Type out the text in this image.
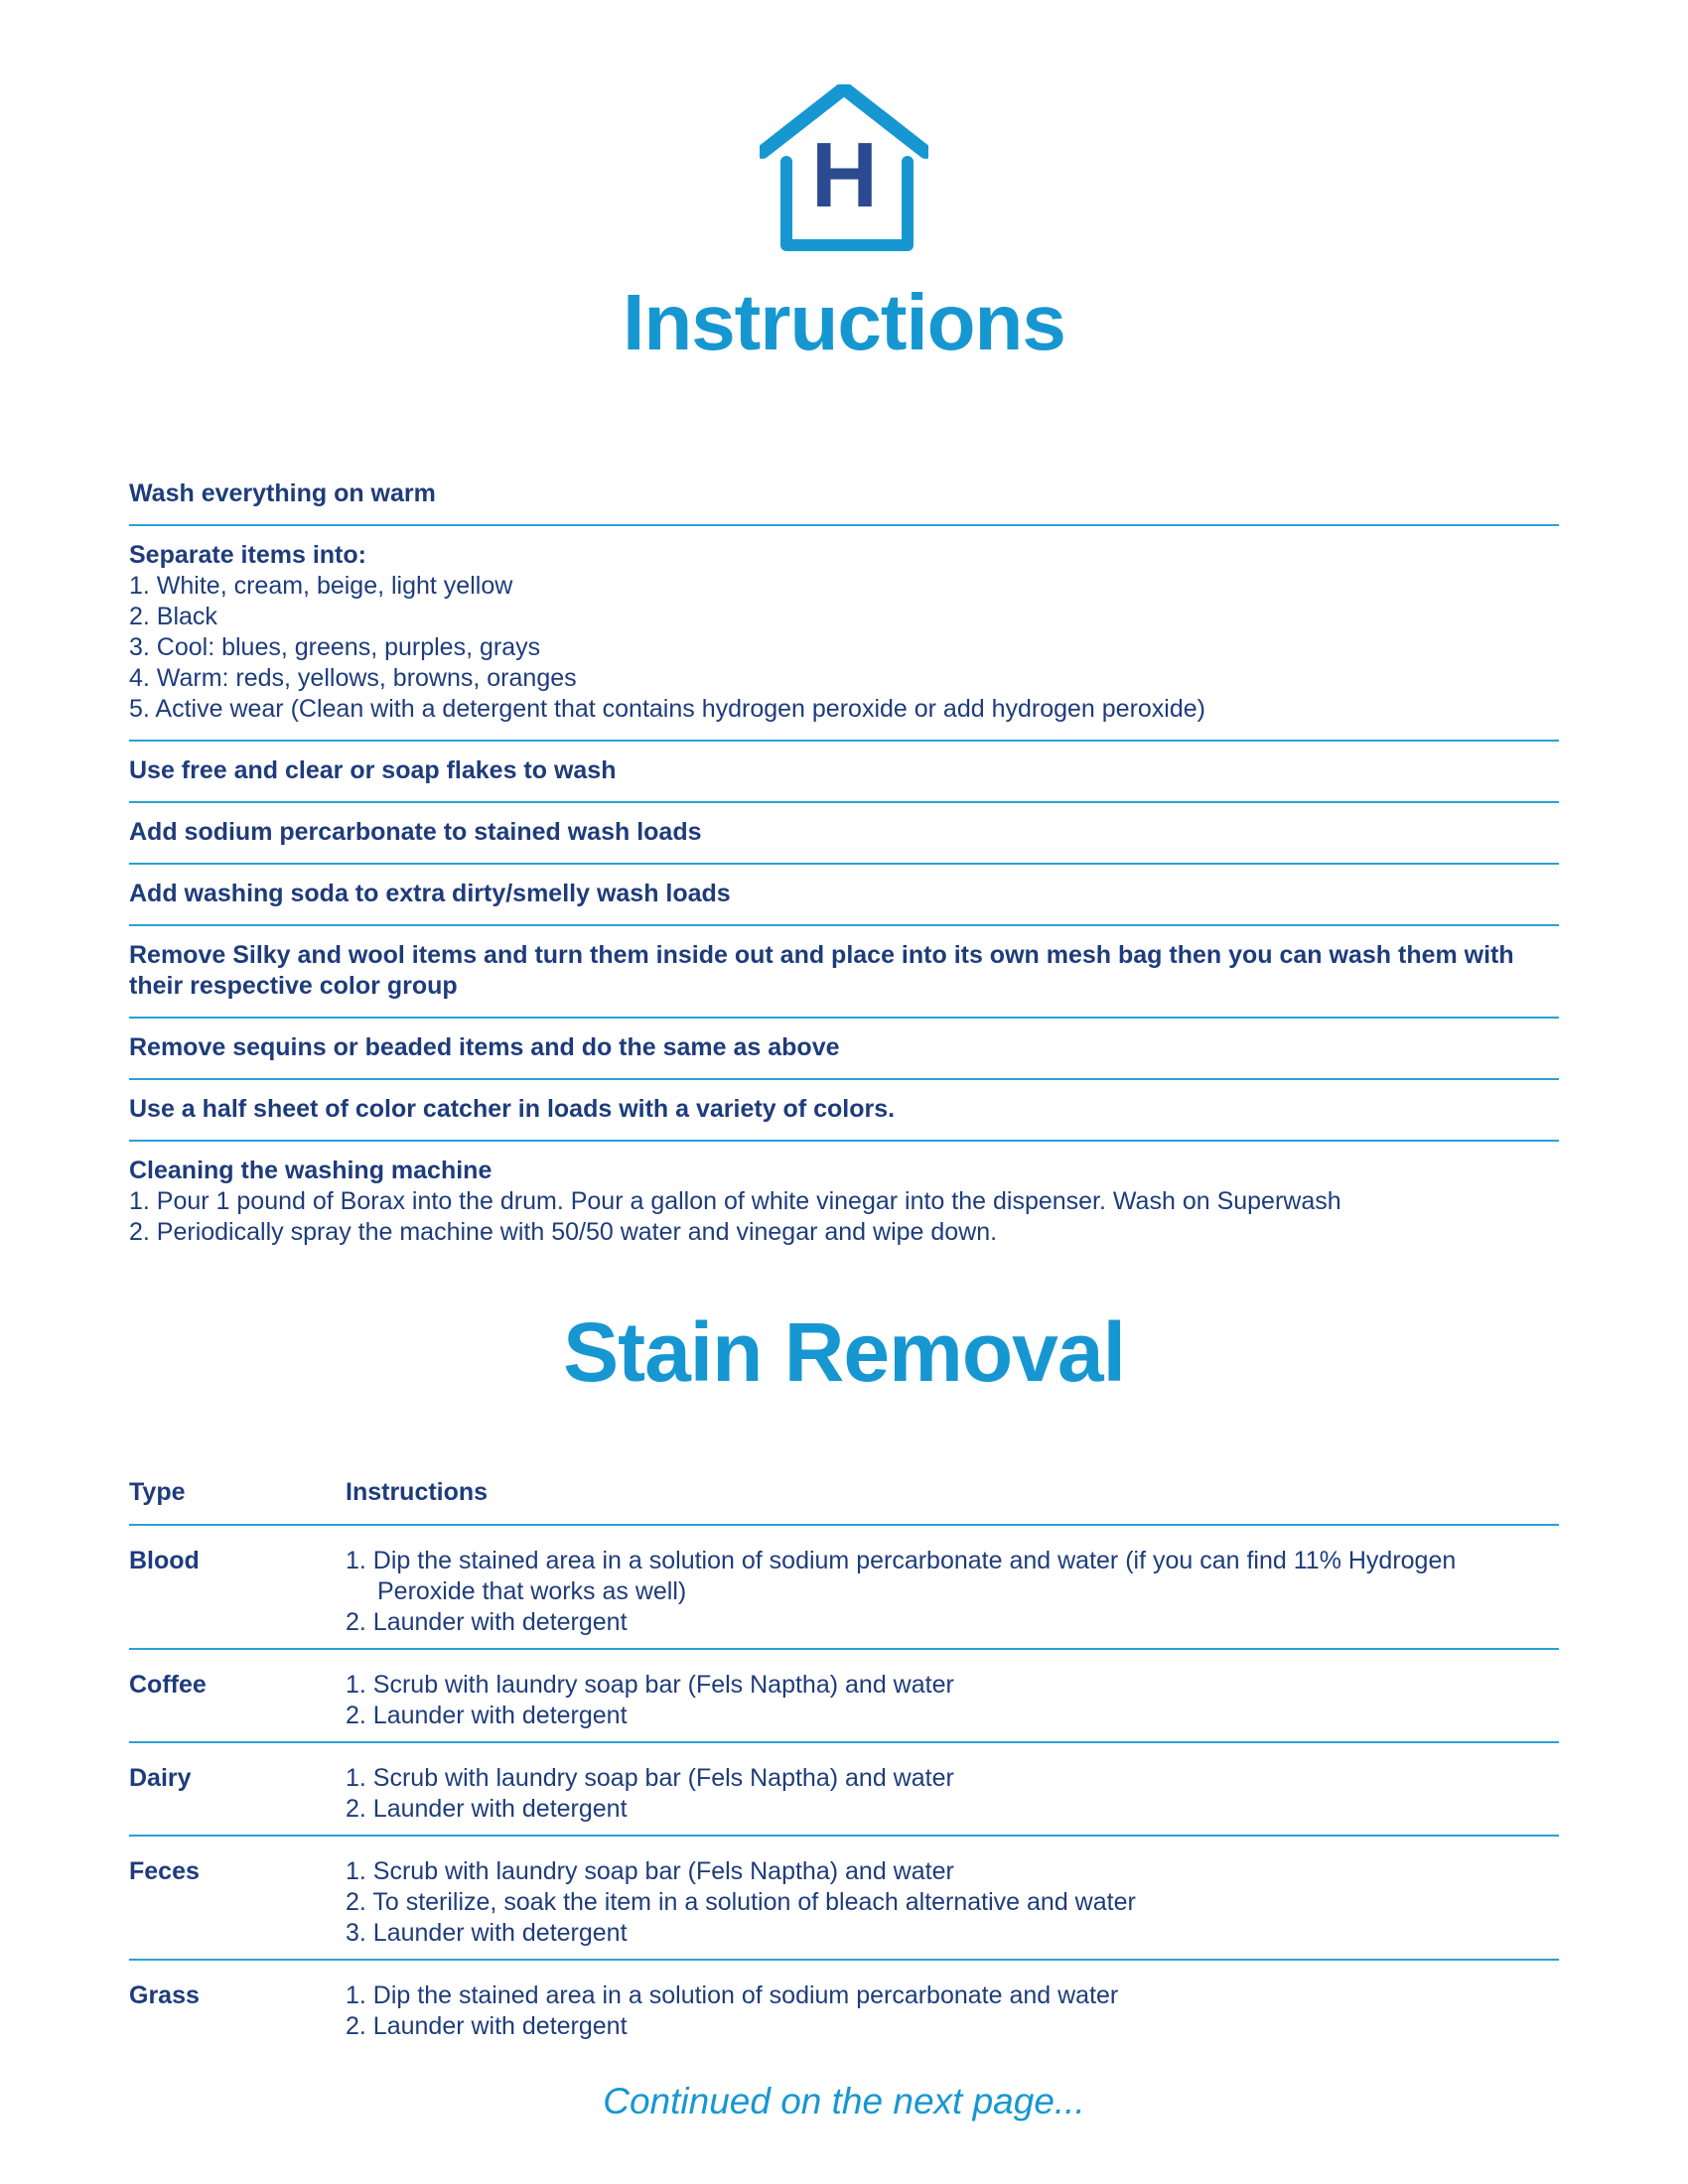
H
Instructions

Wash everything on warm

Separate items into:

1. White, cream, beige, light yellow

2. Black

3. Cool: blues, greens, purples, grays

4. Warm: reds, yellows, browns, oranges

5. Active wear (Clean with a detergent that contains hydrogen peroxide or add hydrogen peroxide)

Use free and clear or soap flakes to wash

Add sodium percarbonate to stained wash loads

Add washing soda to extra dirty/smelly wash loads

Remove Silky and wool items and turn them inside out and place into its own mesh bag then you can wash them with their respective color group

Remove sequins or beaded items and do the same as above

Use a half sheet of color catcher in loads with a variety of colors.

Cleaning the washing machine

1. Pour 1 pound of Borax into the drum. Pour a gallon of white vinegar into the dispenser. Wash on Superwash

2. Periodically spray the machine with 50/50 water and vinegar and wipe down.

Stain Removal
Type	Instructions
Blood	1. Dip the stained area in a solution of sodium percarbonate and water (if you can find 11% Hydrogen Peroxide that works as well)

2. Launder with detergent

Coffee	1. Scrub with laundry soap bar (Fels Naptha) and water

2. Launder with detergent

Dairy	1. Scrub with laundry soap bar (Fels Naptha) and water

2. Launder with detergent

Feces	1. Scrub with laundry soap bar (Fels Naptha) and water

2. To sterilize, soak the item in a solution of bleach alternative and water

3. Launder with detergent

Grass	1. Dip the stained area in a solution of sodium percarbonate and water

2. Launder with detergent

Continued on the next page...
